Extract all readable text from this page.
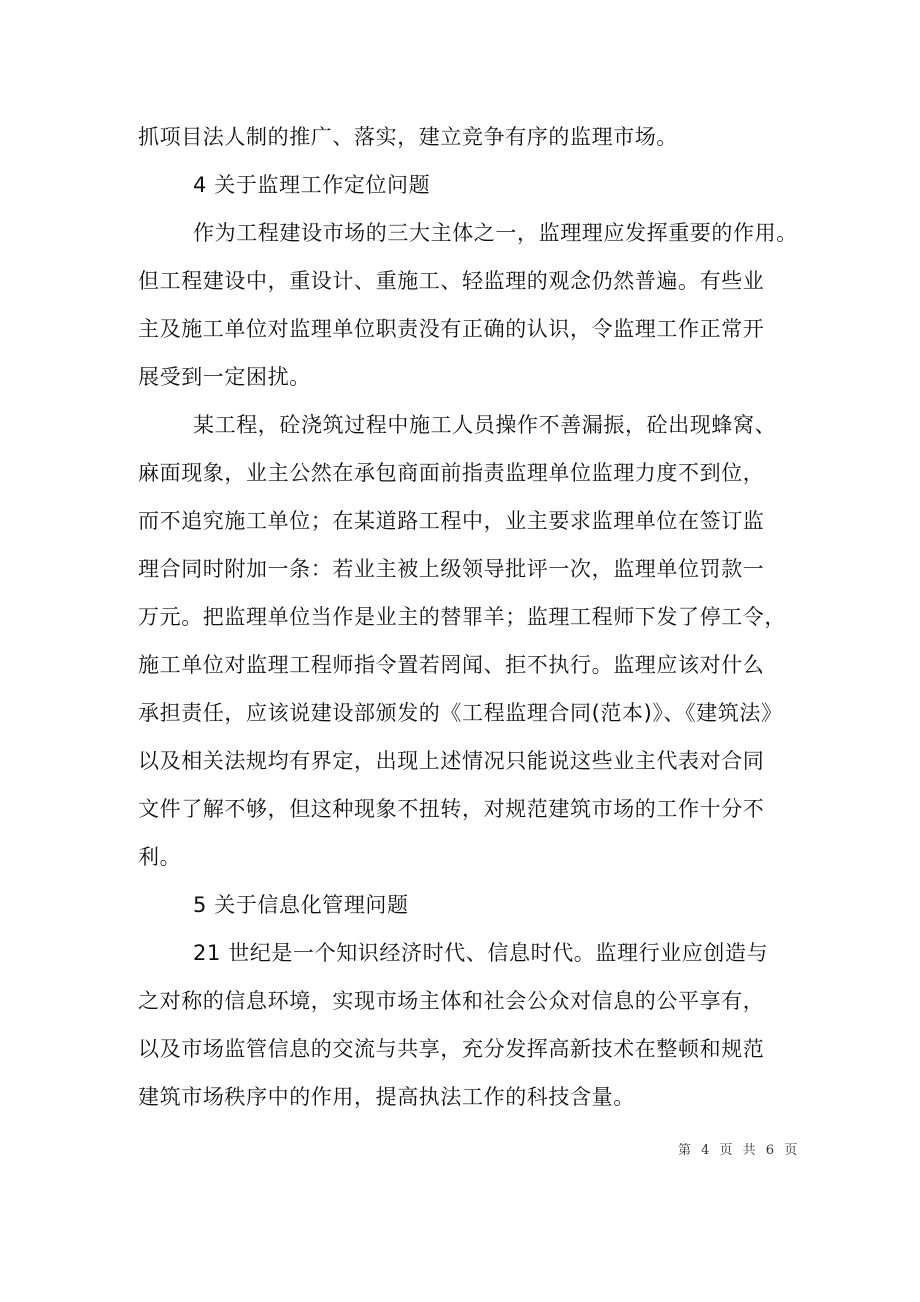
抓项目法人制的推广、落实，建立竞争有序的监理市场。
4 关于监理工作定位问题
作为工程建设市场的三大主体之一，监理理应发挥重要的作用。
但工程建设中，重设计、重施工、轻监理的观念仍然普遍。有些业
主及施工单位对监理单位职责没有正确的认识，令监理工作正常开
展受到一定困扰。
某工程，砼浇筑过程中施工人员操作不善漏振，砼出现蜂窝、
麻面现象，业主公然在承包商面前指责监理单位监理力度不到位，
而不追究施工单位；在某道路工程中，业主要求监理单位在签订监
理合同时附加一条：若业主被上级领导批评一次，监理单位罚款一
万元。把监理单位当作是业主的替罪羊；监理工程师下发了停工令，
施工单位对监理工程师指令置若罔闻、拒不执行。监理应该对什么
承担责任，应该说建设部颁发的《工程监理合同(范本)》、《建筑法》
以及相关法规均有界定，出现上述情况只能说这些业主代表对合同
文件了解不够，但这种现象不扭转，对规范建筑市场的工作十分不
利。
5 关于信息化管理问题
21 世纪是一个知识经济时代、信息时代。监理行业应创造与
之对称的信息环境，实现市场主体和社会公众对信息的公平享有，
以及市场监管信息的交流与共享，充分发挥高新技术在整顿和规范
建筑市场秩序中的作用，提高执法工作的科技含量。
第 4 页 共 6 页
